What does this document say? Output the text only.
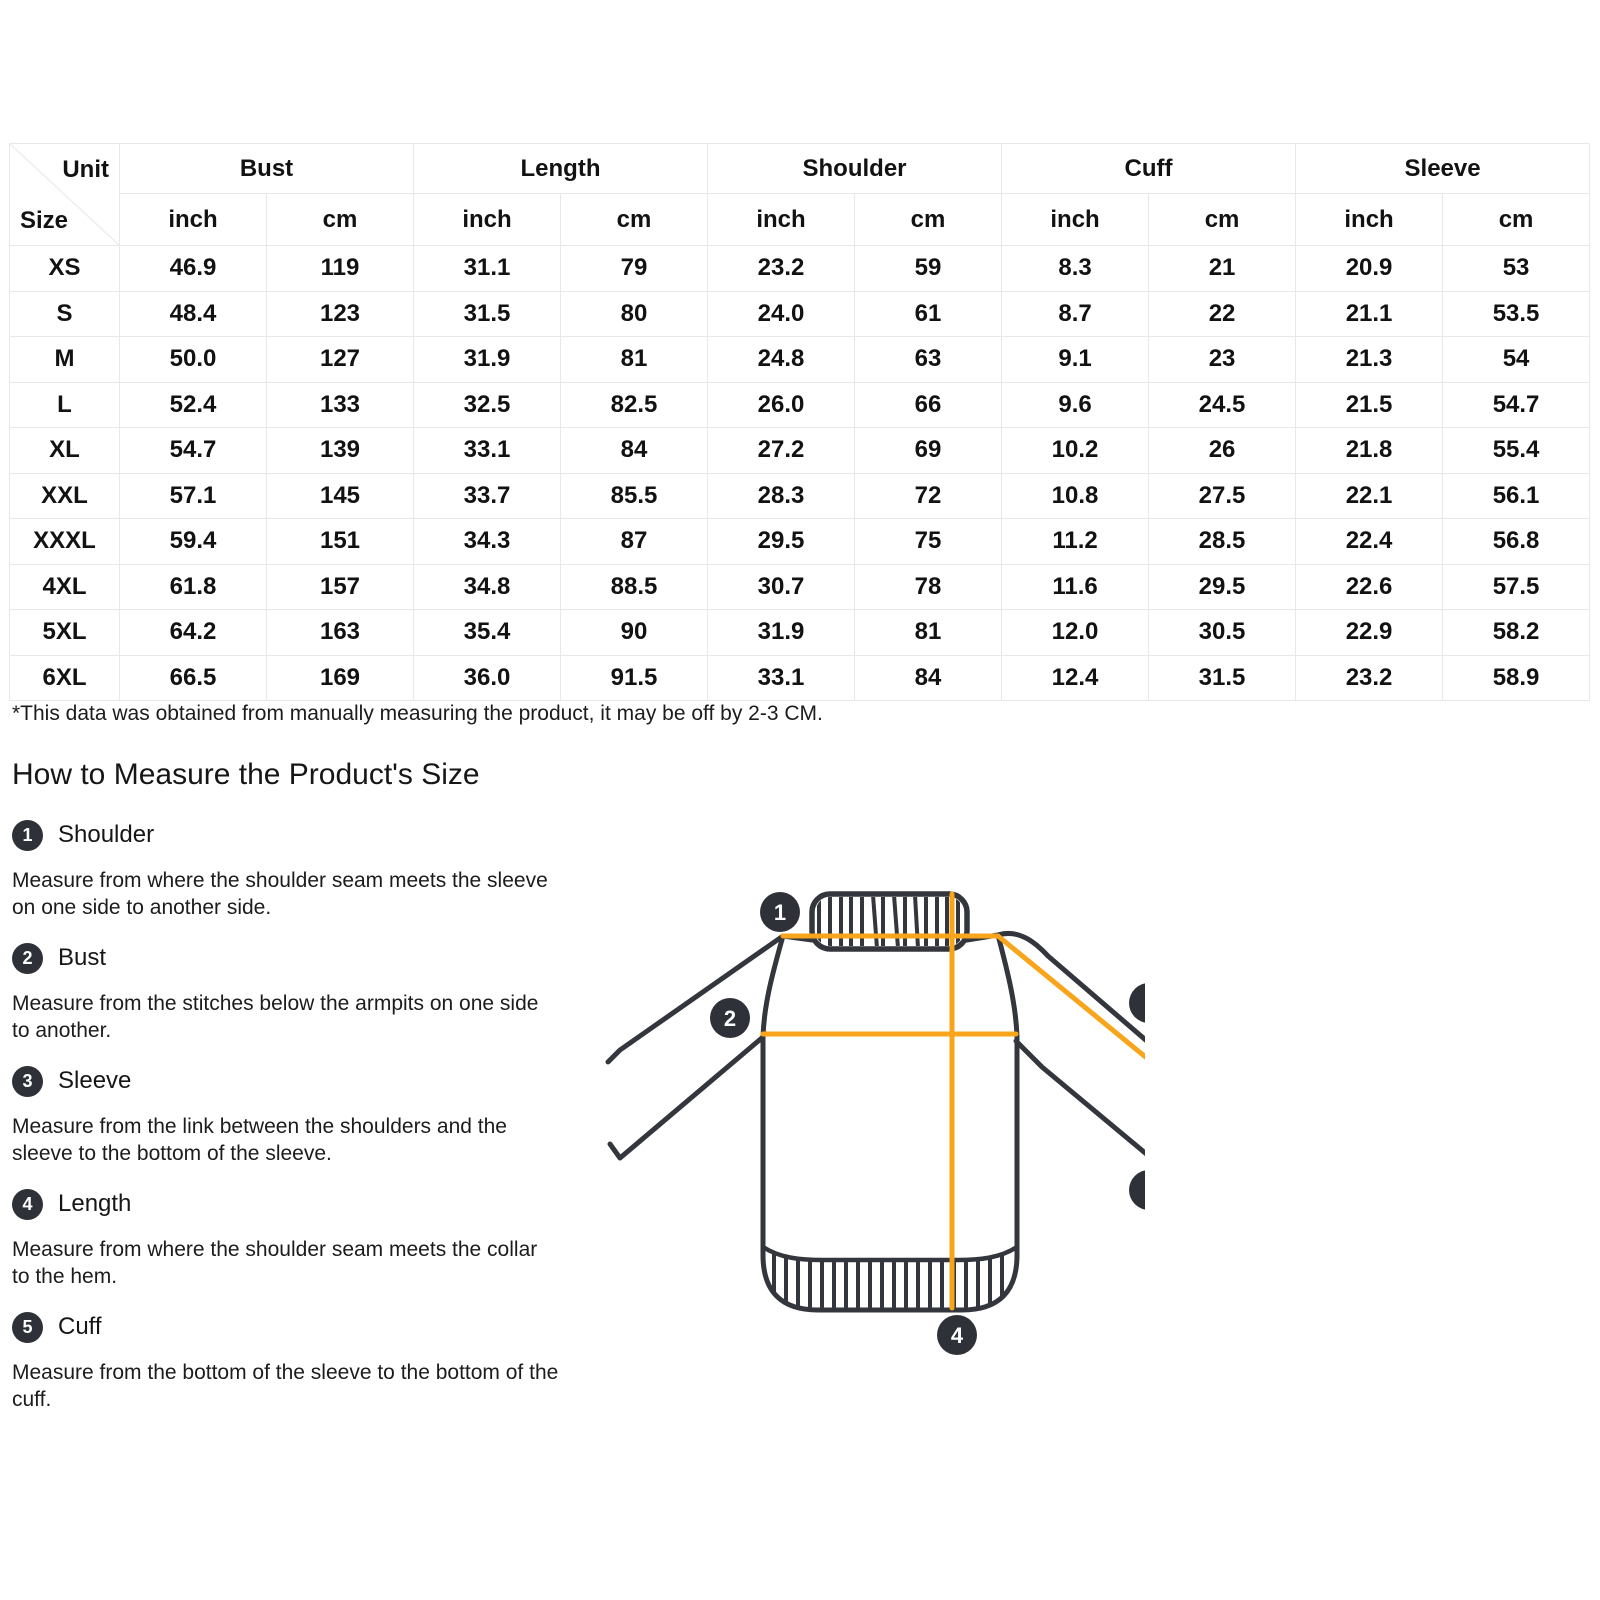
Unit
Size	Bust		Length		Shoulder		Cuff		Sleeve	
	inch	cm	inch	cm	inch	cm	inch	cm	inch	cm
XS	46.9	119	31.1	79	23.2	59	8.3	21	20.9	53
S	48.4	123	31.5	80	24.0	61	8.7	22	21.1	53.5
M	50.0	127	31.9	81	24.8	63	9.1	23	21.3	54
L	52.4	133	32.5	82.5	26.0	66	9.6	24.5	21.5	54.7
XL	54.7	139	33.1	84	27.2	69	10.2	26	21.8	55.4
XXL	57.1	145	33.7	85.5	28.3	72	10.8	27.5	22.1	56.1
XXXL	59.4	151	34.3	87	29.5	75	11.2	28.5	22.4	56.8
4XL	61.8	157	34.8	88.5	30.7	78	11.6	29.5	22.6	57.5
5XL	64.2	163	35.4	90	31.9	81	12.0	30.5	22.9	58.2
6XL	66.5	169	36.0	91.5	33.1	84	12.4	31.5	23.2	58.9

*This data was obtained from manually measuring the product, it may be off by 2-3 CM.

How to Measure the Product's Size
1	Shoulder

Measure from where the shoulder seam meets the sleeve on one side to another side.

2	Bust

Measure from the stitches below the armpits on one side to another.

3	Sleeve

Measure from the link between the shoulders and the sleeve to the bottom of the sleeve.

4	Length

Measure from where the shoulder seam meets the collar to the hem.

5	Cuff

Measure from the bottom of the sleeve to the bottom of the cuff.

1
2
4
